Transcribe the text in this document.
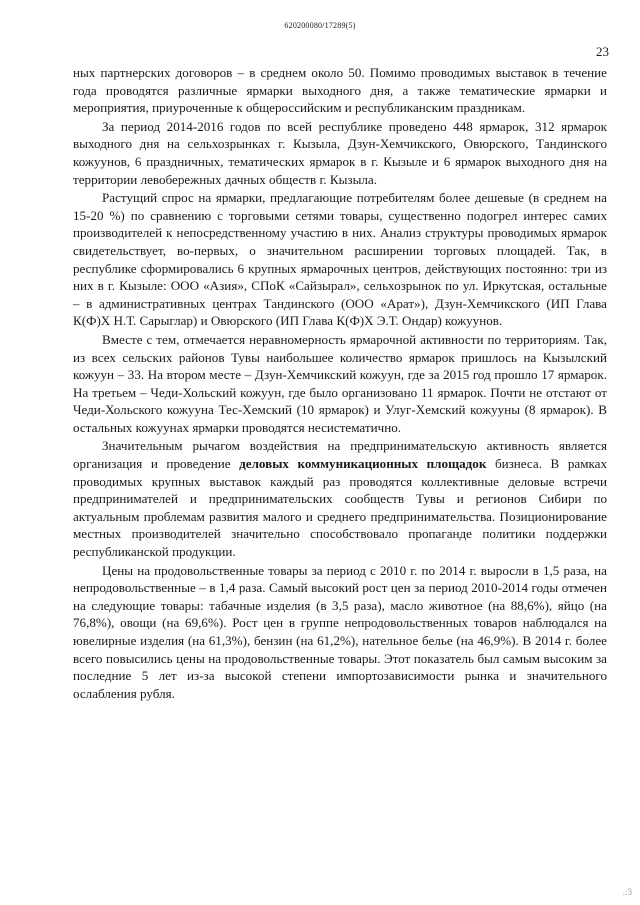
620200080/17289(5)
23

ных партнерских договоров – в среднем около 50. Помимо проводимых выставок в течение года проводятся различные ярмарки выходного дня, а также тематические ярмарки и мероприятия, приуроченные к общероссийским и республиканским праздникам.

За период 2014-2016 годов по всей республике проведено 448 ярмарок, 312 ярмарок выходного дня на сельхозрынках г. Кызыла, Дзун-Хемчикского, Овюрского, Тандинского кожуунов, 6 праздничных, тематических ярмарок в г. Кызыле и 6 ярмарок выходного дня на территории левобережных дачных обществ г. Кызыла.

Растущий спрос на ярмарки, предлагающие потребителям более дешевые (в среднем на 15-20 %) по сравнению с торговыми сетями товары, существенно подогрел интерес самих производителей к непосредственному участию в них. Анализ структуры проводимых ярмарок свидетельствует, во-первых, о значительном расширении торговых площадей. Так, в республике сформировались 6 крупных ярмарочных центров, действующих постоянно: три из них в г. Кызыле: ООО «Азия», СПоК «Сайзырал», сельхозрынок по ул. Иркутская, остальные – в административных центрах Тандинского (ООО «Арат»), Дзун-Хемчикского (ИП Глава К(Ф)Х Н.Т. Сарыглар) и Овюрского (ИП Глава К(Ф)Х Э.Т. Ондар) кожуунов.

Вместе с тем, отмечается неравномерность ярмарочной активности по территориям. Так, из всех сельских районов Тувы наибольшее количество ярмарок пришлось на Кызылский кожуун – 33. На втором месте – Дзун-Хемчикский кожуун, где за 2015 год прошло 17 ярмарок. На третьем – Чеди-Хольский кожуун, где было организовано 11 ярмарок. Почти не отстают от Чеди-Хольского кожууна Тес-Хемский (10 ярмарок) и Улуг-Хемский кожууны (8 ярмарок). В остальных кожуунах ярмарки проводятся несистематично.

Значительным рычагом воздействия на предпринимательскую активность является организация и проведение деловых коммуникационных площадок бизнеса. В рамках проводимых крупных выставок каждый раз проводятся коллективные деловые встречи предпринимателей и предпринимательских сообществ Тувы и регионов Сибири по актуальным проблемам развития малого и среднего предпринимательства. Позиционирование местных производителей значительно способствовало пропаганде политики поддержки республиканской продукции.

Цены на продовольственные товары за период с 2010 г. по 2014 г. выросли в 1,5 раза, на непродовольственные – в 1,4 раза. Самый высокий рост цен за период 2010-2014 годы отмечен на следующие товары: табачные изделия (в 3,5 раза), масло животное (на 88,6%), яйцо (на 76,8%), овощи (на 69,6%). Рост цен в группе непродовольственных товаров наблюдался на ювелирные изделия (на 61,3%), бензин (на 61,2%), нательное белье (на 46,9%). В 2014 г. более всего повысились цены на продовольственные товары. Этот показатель был самым высоким за последние 5 лет из-за высокой степени импортозависимости рынка и значительного ослабления рубля.

.:3
